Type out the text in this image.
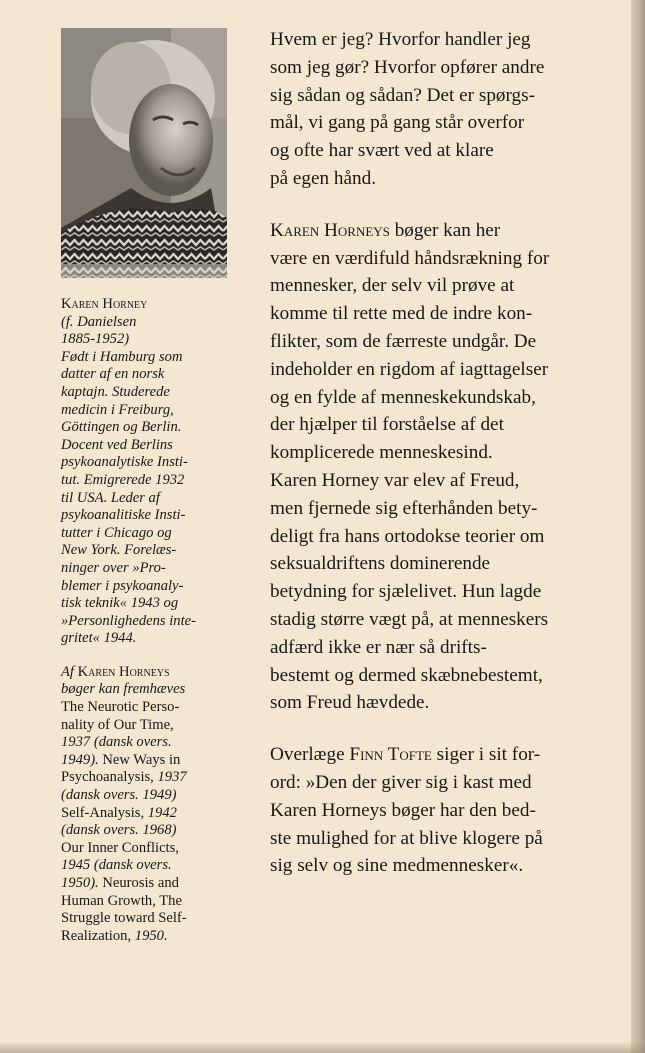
Karen Horney
(f. Danielsen
1885-1952)
Født i Hamburg som
datter af en norsk
kaptajn. Studerede
medicin i Freiburg,
Göttingen og Berlin.
Docent ved Berlins
psykoanalytiske Insti-
tut. Emigrerede 1932
til USA. Leder af
psykoanalitiske Insti-
tutter i Chicago og
New York. Forelæs-
ninger over »Pro-
blemer i psykoanaly-
tisk teknik« 1943 og
»Personlighedens inte-
gritet« 1944.
Af Karen Horneys
bøger kan fremhæves
The Neurotic Perso-
nality of Our Time,
1937 (dansk overs.
1949). New Ways in
Psychoanalysis, 1937
(dansk overs. 1949)
Self-Analysis, 1942
(dansk overs. 1968)
Our Inner Conflicts,
1945 (dansk overs.
1950). Neurosis and
Human Growth, The
Struggle toward Self-
Realization, 1950.
Hvem er jeg? Hvorfor handler jeg
som jeg gør? Hvorfor opfører andre
sig sådan og sådan? Det er spørgs-
mål, vi gang på gang står overfor
og ofte har svært ved at klare
på egen hånd.
Karen Horneys bøger kan her
være en værdifuld håndsrækning for
mennesker, der selv vil prøve at
komme til rette med de indre kon-
flikter, som de færreste undgår. De
indeholder en rigdom af iagttagelser
og en fylde af menneskekundskab,
der hjælper til forståelse af det
komplicerede menneskesind.
Karen Horney var elev af Freud,
men fjernede sig efterhånden bety-
deligt fra hans ortodokse teorier om
seksualdriftens dominerende
betydning for sjælelivet. Hun lagde
stadig større vægt på, at menneskers
adfærd ikke er nær så drifts-
bestemt og dermed skæbnebestemt,
som Freud hævdede.
Overlæge Finn Tofte siger i sit for-
ord: »Den der giver sig i kast med
Karen Horneys bøger har den bed-
ste mulighed for at blive klogere på
sig selv og sine medmennesker«.
